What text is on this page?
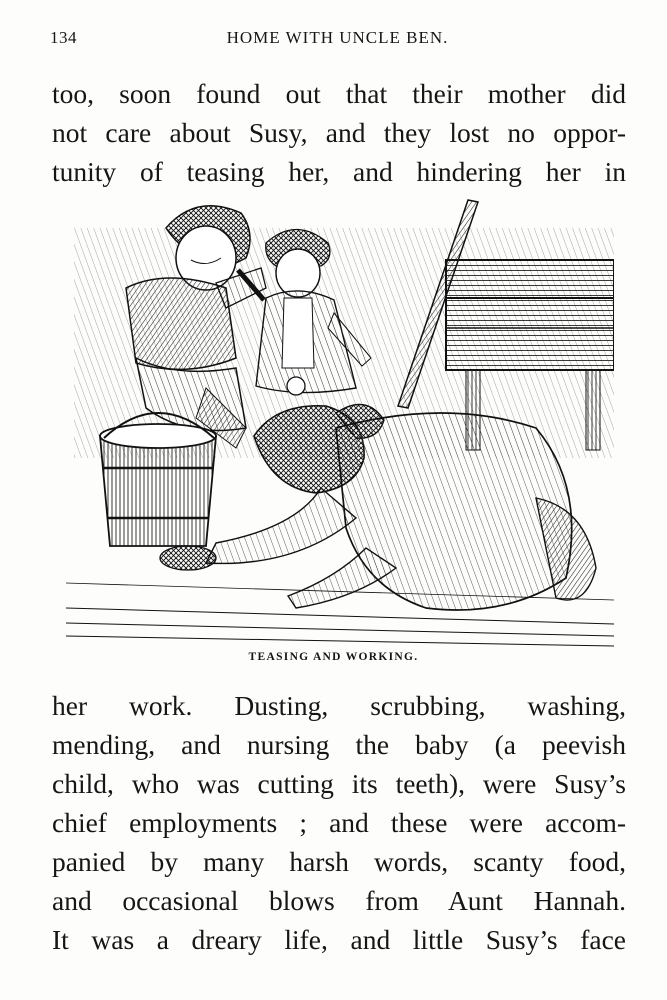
134	HOME WITH UNCLE BEN.
too, soon found out that their mother did
not care about Susy, and they lost no oppor-
tunity of teasing her, and hindering her in
TEASING AND WORKING.
her work. Dusting, scrubbing, washing,
mending, and nursing the baby (a peevish
child, who was cutting its teeth), were Susy’s
chief employments ; and these were accom-
panied by many harsh words, scanty food,
and occasional blows from Aunt Hannah.
It was a dreary life, and little Susy’s face
